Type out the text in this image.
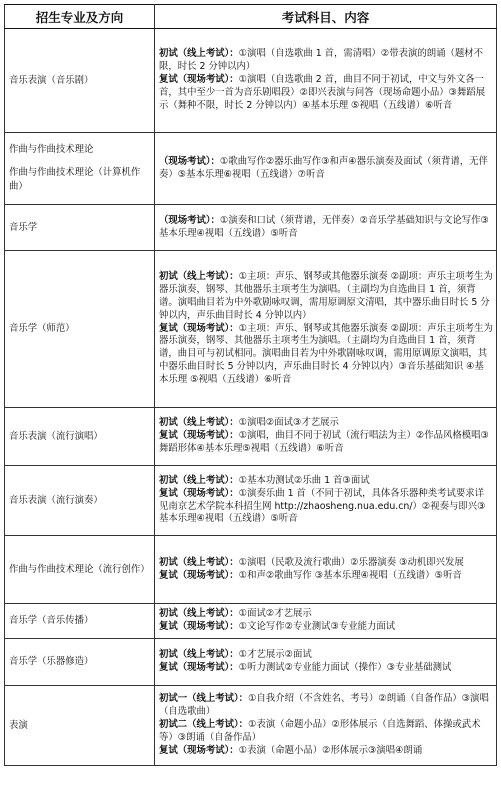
招生专业及方向	考试科目、内容

音乐表演（音乐剧）	初试（线上考试）：①演唱（自选歌曲 1 首，需清唱）②带表演的朗诵（题材不限，时长 2 分钟以内）
复试（现场考试）：①演唱（自选歌曲 2 首，曲目不同于初试，中文与外文各一首，其中至少一首为音乐剧唱段）②即兴表演与问答（现场命题小品）③舞蹈展示（舞种不限，时长 2 分钟以内）④基本乐理 ⑤视唱（五线谱）⑥听音

作曲与作曲技术理论
作曲与作曲技术理论（计算机作曲）	（现场考试）：①歌曲写作②器乐曲写作③和声④器乐演奏及面试（须背谱，无伴奏）⑤基本乐理⑥视唱（五线谱）⑦听音

音乐学	（现场考试）：①演奏和口试（须背谱，无伴奏）②音乐学基础知识与文论写作③基本乐理④视唱（五线谱）⑤听音

音乐学（师范）	初试（线上考试）：①主项：声乐、钢琴或其他器乐演奏 ②副项：声乐主项考生为器乐演奏，钢琴、其他器乐主项考生为演唱。（主副均为自选曲目 1 首，须背谱。演唱曲目若为中外歌剧咏叹调，需用原调原文清唱，其中器乐曲目时长 5 分钟以内，声乐曲目时长 4 分钟以内）
复试（现场考试）：①主项：声乐、钢琴或其他器乐演奏 ②副项：声乐主项考生为器乐演奏，钢琴、其他器乐主项考生为演唱。（主副均为自选曲目 1 首，须背谱，曲目可与初试相同。演唱曲目若为中外歌剧咏叹调，需用原调原文演唱，其中器乐曲目时长 5 分钟以内，声乐曲目时长 4 分钟以内）③音乐基础知识 ④基本乐理 ⑤视唱（五线谱）⑥听音

音乐表演（流行演唱）	初试（线上考试）：①演唱②面试③才艺展示
复试（现场考试）：①演唱，曲目不同于初试（流行唱法为主）②作品风格模唱③舞蹈形体④基本乐理⑤视唱（五线谱）⑥听音

音乐表演（流行演奏）	初试（线上考试）：①基本功测试②乐曲 1 首③面试
复试（现场考试）：①演奏乐曲 1 首（不同于初试，具体各乐器种类考试要求详见南京艺术学院本科招生网 http://zhaosheng.nua.edu.cn/）②视奏与即兴③基本乐理④视唱（五线谱）⑤听音

作曲与作曲技术理论（流行创作）	初试（线上考试）：①演唱（民歌及流行歌曲）②乐器演奏 ③动机即兴发展
复试（现场考试）：①和声②歌曲写作 ③基本乐理④视唱（五线谱）⑤听音

音乐学（音乐传播）	初试（线上考试）：①面试②才艺展示
复试（现场考试）：①文论写作②专业测试③专业能力面试

音乐学（乐器修造）	初试（线上考试）：①才艺展示②面试
复试（现场考试）：①听力测试②专业能力面试（操作）③专业基础测试

表演	初试一（线上考试）：①自我介绍（不含姓名、考号）②朗诵（自备作品）③演唱（自选歌曲）
初试二（线上考试）：①表演（命题小品）②形体展示（自选舞蹈、体操或武术等）③朗诵（自备作品）
复试（现场考试）：①表演（命题小品）②形体展示③演唱④朗诵
